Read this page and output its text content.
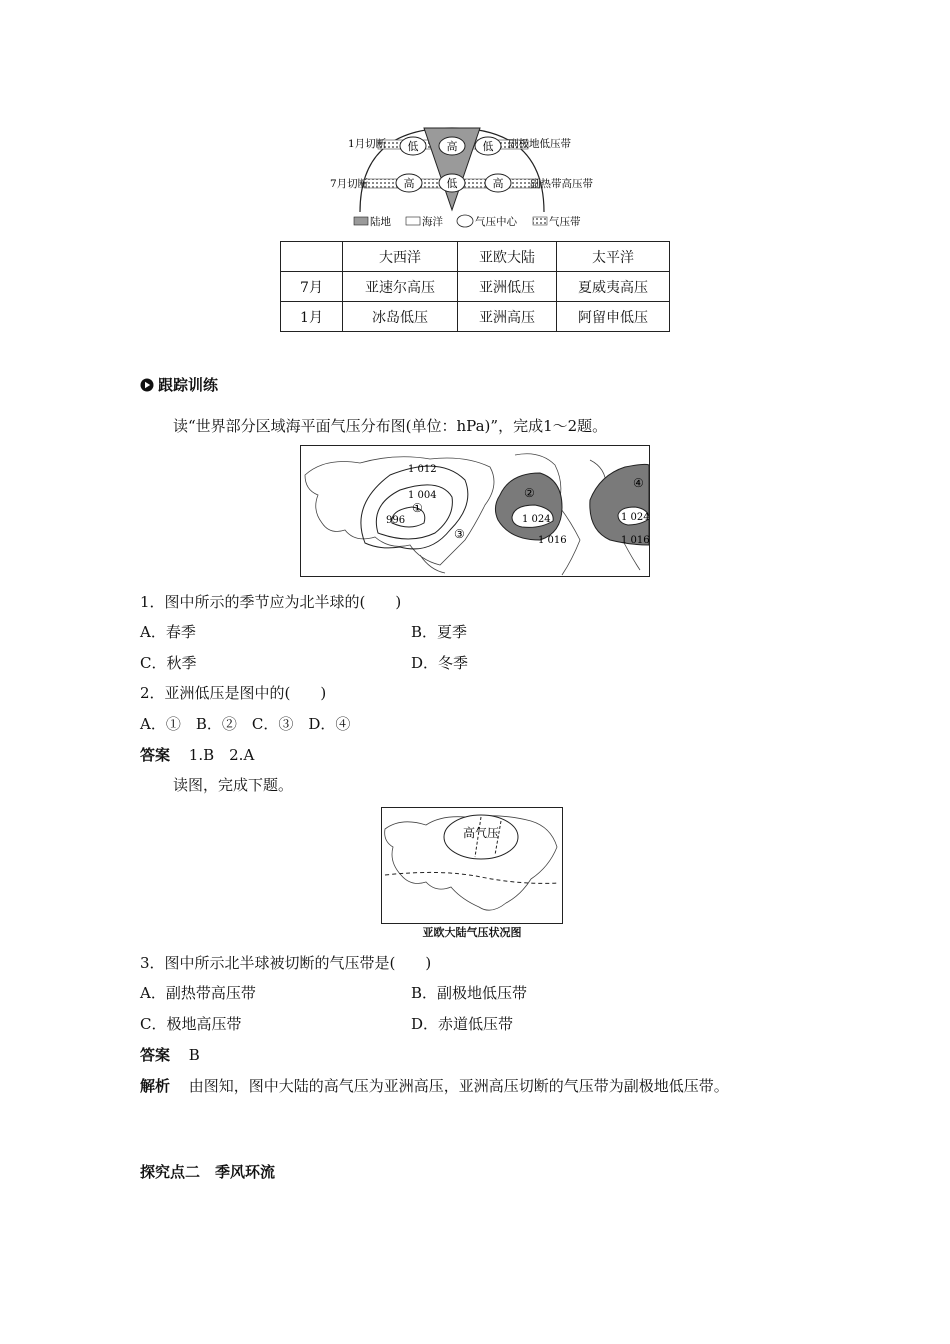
低	高 低
高	低	高
1月切断	副极地低压带
7月切断	副热带高压带
陆地	海洋	气压中心	气压带
	大西洋	亚欧大陆	太平洋
7月	亚速尔高压	亚洲低压	夏威夷高压
1月	冰岛低压	亚洲高压	阿留申低压
跟踪训练
读“世界部分区域海平面气压分布图(单位：hPa)”，完成1～2题。
1 012
1 004
996	1 024
1 016
1 024
1 016
①
②
③
④
1．图中所示的季节应为北半球的(　　)
A．春季	B．夏季
C．秋季	D．冬季
2．亚洲低压是图中的(　　)
A．①　B．②　C．③　D．④
答案 1.B　2.A
读图，完成下题。
高气压
亚欧大陆气压状况图
3．图中所示北半球被切断的气压带是(　　)
A．副热带高压带	B．副极地低压带
C．极地高压带	D．赤道低压带
答案 B
解析 由图知，图中大陆的高气压为亚洲高压，亚洲高压切断的气压带为副极地低压带。
探究点二　季风环流
